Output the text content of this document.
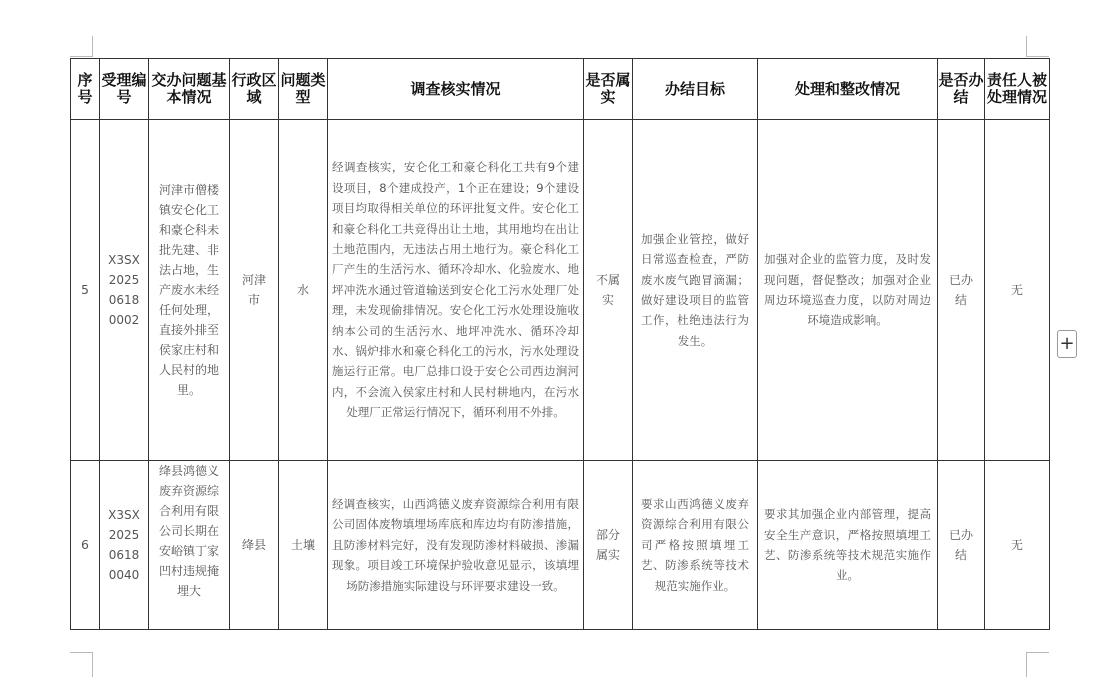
序号	受理编号	交办问题基本情况	行政区域	问题类型	调查核实情况	是否属实	办结目标	处理和整改情况	是否办结	责任人被处理情况
5	X3SX202506180002	河津市僧楼镇安仑化工和豪仑科未批先建、非法占地，生产废水未经任何处理，直接外排至侯家庄村和人民村的地里。	河津市	水	经调查核实，安仑化工和豪仑科化工共有9个建设项目，8个建成投产，1个正在建设；9个建设项目均取得相关单位的环评批复文件。安仑化工和豪仑科化工共竞得出让土地，其用地均在出让土地范围内，无违法占用土地行为。豪仑科化工厂产生的生活污水、循环冷却水、化验废水、地坪冲洗水通过管道输送到安仑化工污水处理厂处理，未发现偷排情况。安仑化工污水处理设施收纳本公司的生活污水、地坪冲洗水、循环冷却水、锅炉排水和豪仑科化工的污水，污水处理设施运行正常。电厂总排口设于安仑公司西边涧河内，不会流入侯家庄村和人民村耕地内，在污水处理厂正常运行情况下，循环利用不外排。	不属实	加强企业管控，做好日常巡查检查，严防废水废气跑冒滴漏；做好建设项目的监管工作，杜绝违法行为发生。	加强对企业的监管力度，及时发现问题，督促整改；加强对企业周边环境巡查力度，以防对周边环境造成影响。	已办结	无
6	X3SX202506180040	绛县鸿德义废弃资源综合利用有限公司长期在安峪镇丁家凹村违规掩埋大	绛县	土壤	经调查核实，山西鸿德义废弃资源综合利用有限公司固体废物填埋场库底和库边均有防渗措施，且防渗材料完好，没有发现防渗材料破损、渗漏现象。项目竣工环境保护验收意见显示，该填埋场防渗措施实际建设与环评要求建设一致。	部分属实	要求山西鸿德义废弃资源综合利用有限公司严格按照填埋工艺、防渗系统等技术规范实施作业。	要求其加强企业内部管理，提高安全生产意识，严格按照填埋工艺、防渗系统等技术规范实施作业。	已办结	无
+
